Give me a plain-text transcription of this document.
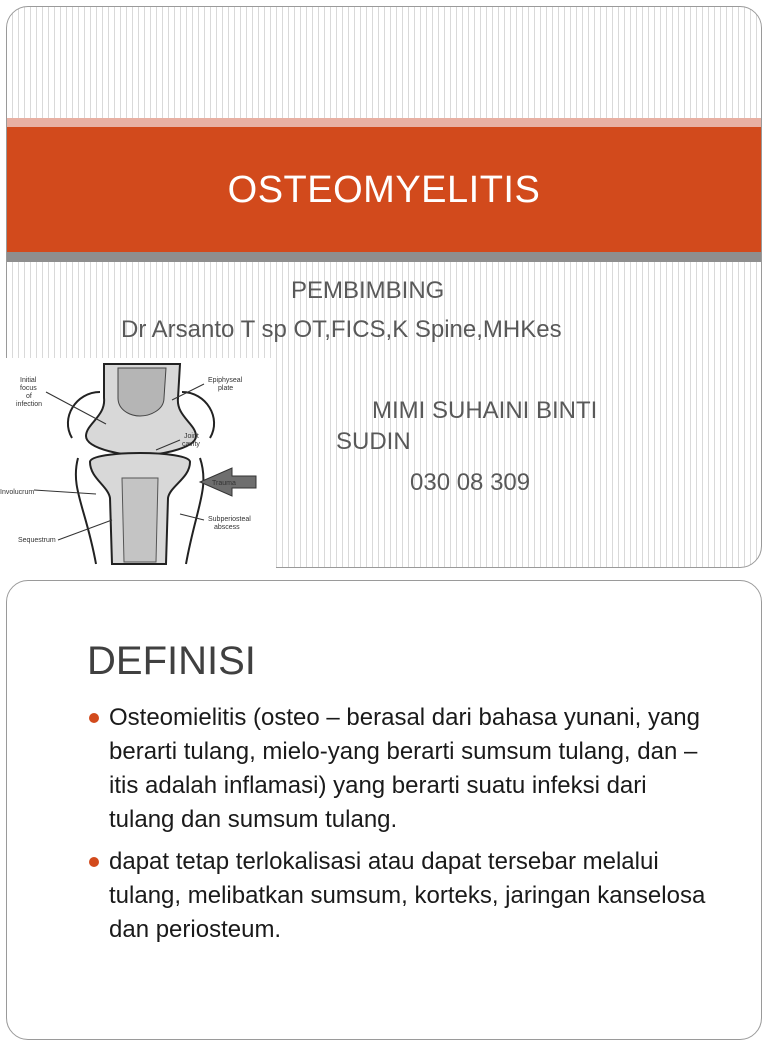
OSTEOMYELITIS
PEMBIMBING
Dr Arsanto T sp OT,FICS,K Spine,MHKes
MIMI SUHAINI BINTI
SUDIN
030 08 309
Initial
focus
of
infection
Epiphyseal
plate
Joint
cavity
Involucrum
Trauma
Subperiosteal
abscess
Sequestrum
DEFINISI
Osteomielitis (osteo – berasal dari bahasa yunani, yang berarti tulang, mielo-yang berarti sumsum tulang, dan –itis adalah inflamasi) yang berarti suatu infeksi dari tulang dan sumsum tulang.
dapat tetap terlokalisasi atau dapat tersebar melalui tulang, melibatkan sumsum, korteks, jaringan kanselosa dan periosteum.
